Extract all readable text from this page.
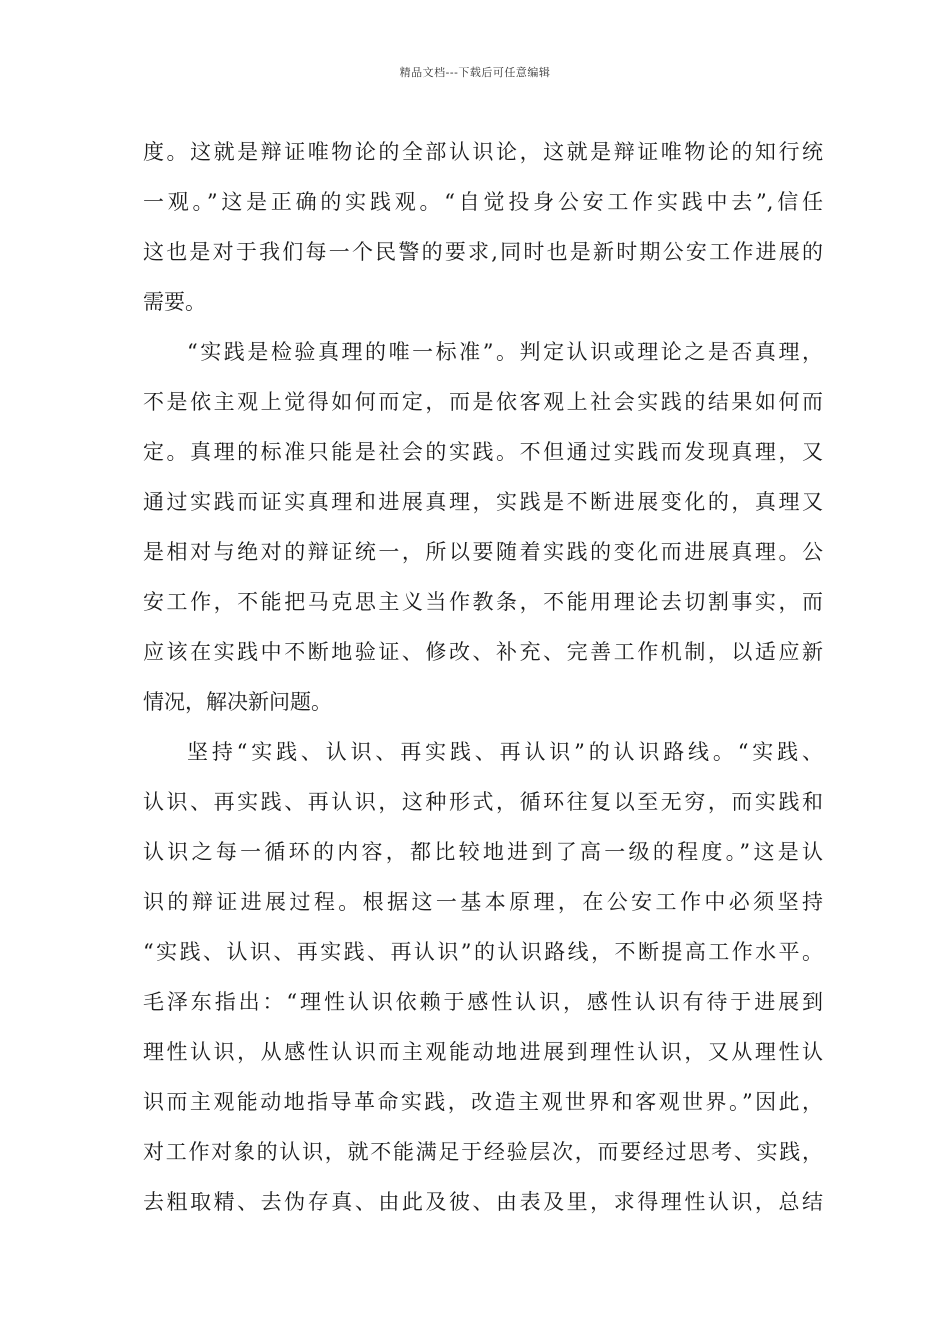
精品文档---下载后可任意编辑
度。这就是辩证唯物论的全部认识论，这就是辩证唯物论的知行统
一观。”这是正确的实践观。“自觉投身公安工作实践中去”,信任
这也是对于我们每一个民警的要求,同时也是新时期公安工作进展的
需要。
“实践是检验真理的唯一标准”。判定认识或理论之是否真理，
不是依主观上觉得如何而定，而是依客观上社会实践的结果如何而
定。真理的标准只能是社会的实践。不但通过实践而发现真理，又
通过实践而证实真理和进展真理，实践是不断进展变化的，真理又
是相对与绝对的辩证统一，所以要随着实践的变化而进展真理。公
安工作，不能把马克思主义当作教条，不能用理论去切割事实，而
应该在实践中不断地验证、修改、补充、完善工作机制，以适应新
情况，解决新问题。
坚持“实践、认识、再实践、再认识”的认识路线。“实践、
认识、再实践、再认识，这种形式，循环往复以至无穷，而实践和
认识之每一循环的内容，都比较地进到了高一级的程度。”这是认
识的辩证进展过程。根据这一基本原理，在公安工作中必须坚持
“实践、认识、再实践、再认识”的认识路线，不断提高工作水平。
毛泽东指出：“理性认识依赖于感性认识，感性认识有待于进展到
理性认识，从感性认识而主观能动地进展到理性认识，又从理性认
识而主观能动地指导革命实践，改造主观世界和客观世界。”因此，
对工作对象的认识，就不能满足于经验层次，而要经过思考、实践，
去粗取精、去伪存真、由此及彼、由表及里，求得理性认识，总结
